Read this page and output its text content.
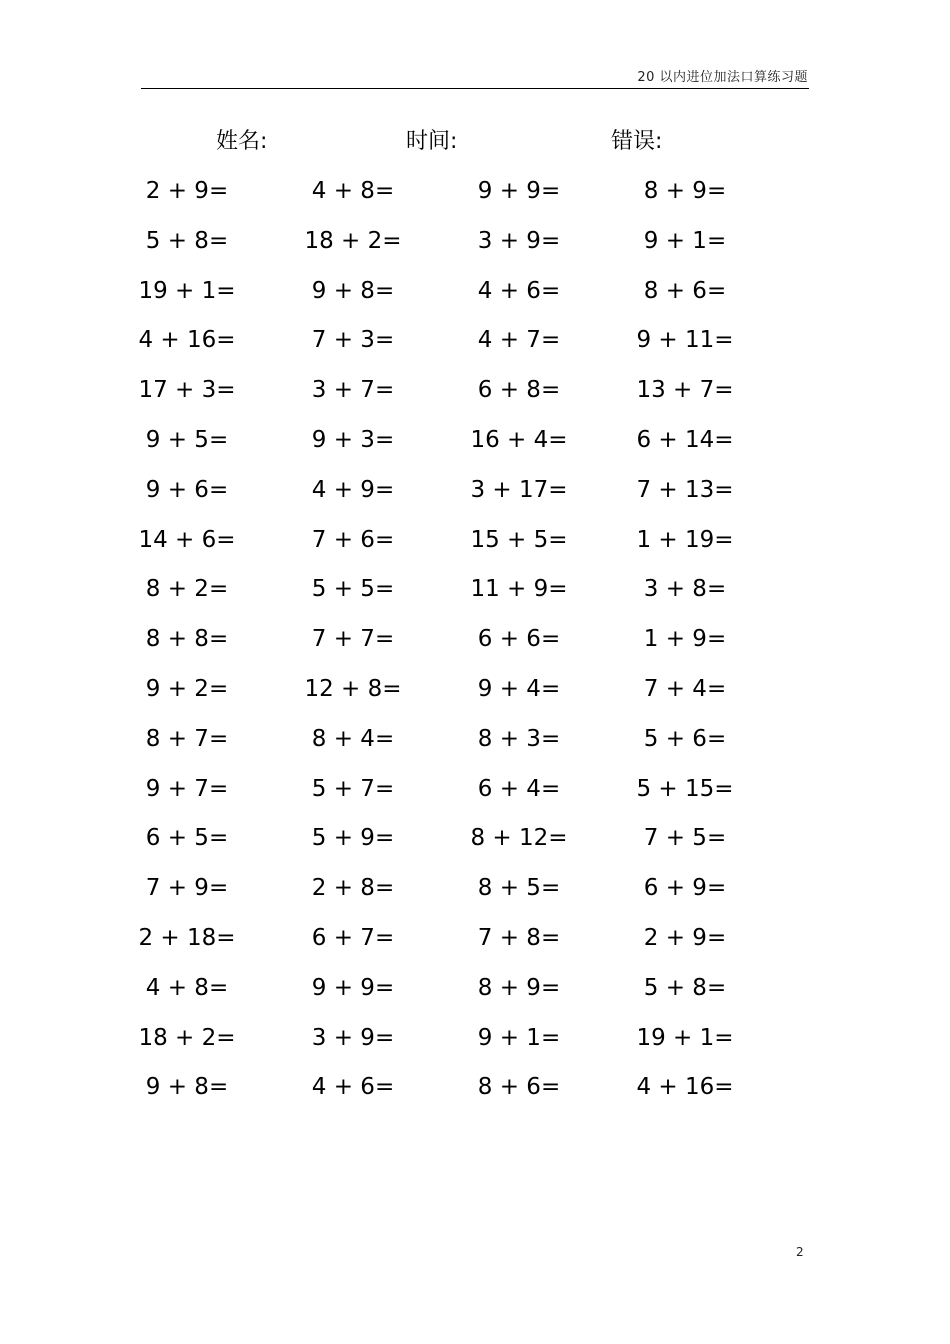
20 以内进位加法口算练习题
姓名:	时间:	错误:
2 + 9=	4 + 8=	9 + 9=	8 + 9=
5 + 8=	18 + 2=	3 + 9=	9 + 1=
19 + 1=	9 + 8=	4 + 6=	8 + 6=
4 + 16=	7 + 3=	4 + 7=	9 + 11=
17 + 3=	3 + 7=	6 + 8=	13 + 7=
9 + 5=	9 + 3=	16 + 4=	6 + 14=
9 + 6=	4 + 9=	3 + 17=	7 + 13=
14 + 6=	7 + 6=	15 + 5=	1 + 19=
8 + 2=	5 + 5=	11 + 9=	3 + 8=
8 + 8=	7 + 7=	6 + 6=	1 + 9=
9 + 2=	12 + 8=	9 + 4=	7 + 4=
8 + 7=	8 + 4=	8 + 3=	5 + 6=
9 + 7=	5 + 7=	6 + 4=	5 + 15=
6 + 5=	5 + 9=	8 + 12=	7 + 5=
7 + 9=	2 + 8=	8 + 5=	6 + 9=
2 + 18=	6 + 7=	7 + 8=	2 + 9=
4 + 8=	9 + 9=	8 + 9=	5 + 8=
18 + 2=	3 + 9=	9 + 1=	19 + 1=
9 + 8=	4 + 6=	8 + 6=	4 + 16=
2
